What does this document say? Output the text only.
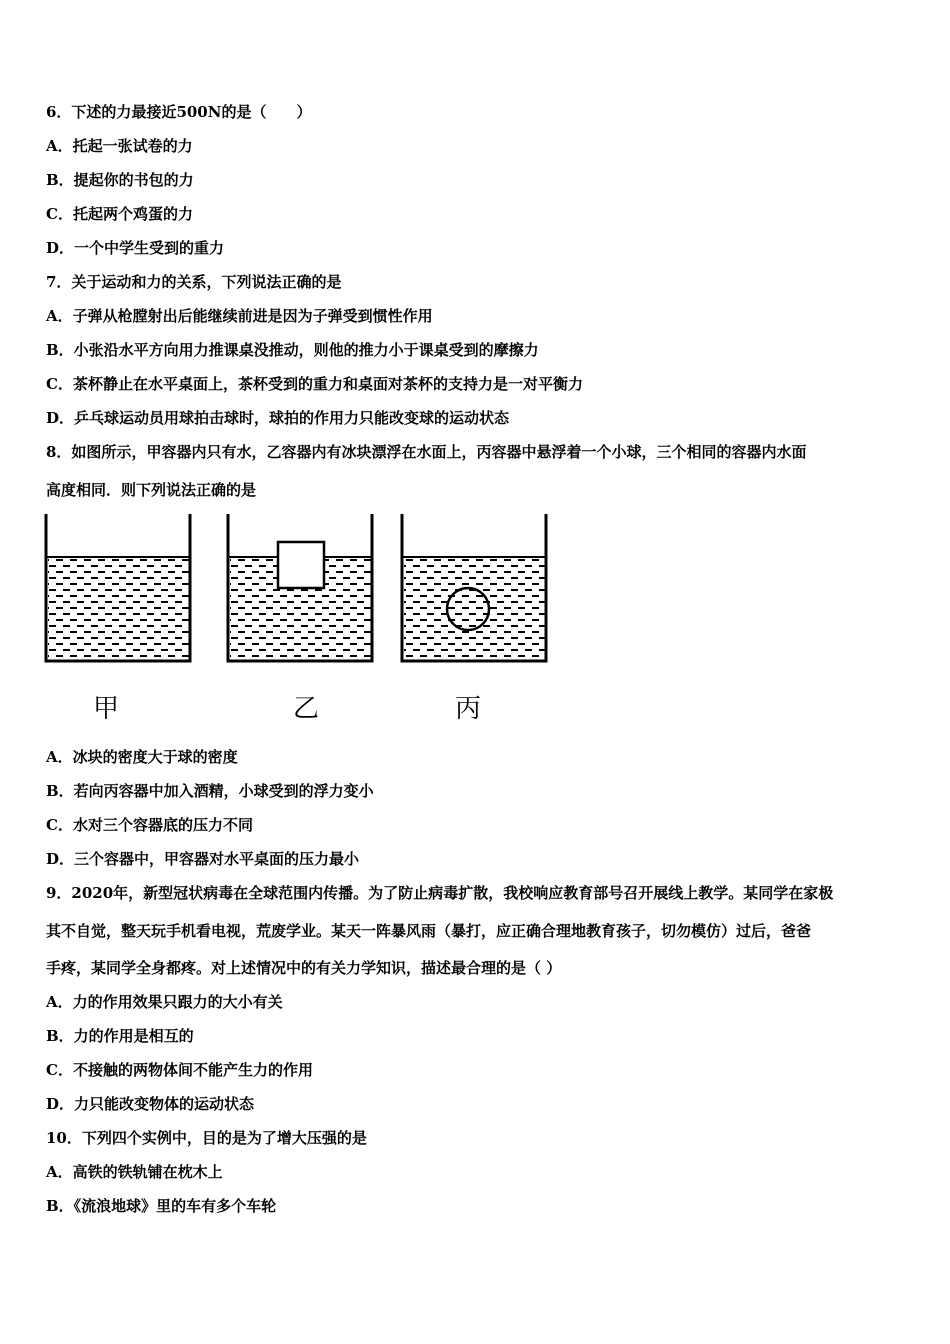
6．下述的力最接近500N的是（　　）
A．托起一张试卷的力
B．提起你的书包的力
C．托起两个鸡蛋的力
D．一个中学生受到的重力
7．关于运动和力的关系，下列说法正确的是
A．子弹从枪膛射出后能继续前进是因为子弹受到惯性作用
B．小张沿水平方向用力推课桌没推动，则他的推力小于课桌受到的摩擦力
C．茶杯静止在水平桌面上，茶杯受到的重力和桌面对茶杯的支持力是一对平衡力
D．乒乓球运动员用球拍击球时，球拍的作用力只能改变球的运动状态
8．如图所示，甲容器内只有水，乙容器内有冰块漂浮在水面上，丙容器中悬浮着一个小球，三个相同的容器内水面
高度相同．则下列说法正确的是
甲	乙	丙
A．冰块的密度大于球的密度
B．若向丙容器中加入酒精，小球受到的浮力变小
C．水对三个容器底的压力不同
D．三个容器中，甲容器对水平桌面的压力最小
9．2020年，新型冠状病毒在全球范围内传播。为了防止病毒扩散，我校响应教育部号召开展线上教学。某同学在家极
其不自觉，整天玩手机看电视，荒废学业。某天一阵暴风雨（暴打，应正确合理地教育孩子，切勿模仿）过后，爸爸
手疼，某同学全身都疼。对上述情况中的有关力学知识，描述最合理的是（ ）
A．力的作用效果只跟力的大小有关
B．力的作用是相互的
C．不接触的两物体间不能产生力的作用
D．力只能改变物体的运动状态
10．下列四个实例中，目的是为了增大压强的是
A．高铁的铁轨铺在枕木上
B．《流浪地球》里的车有多个车轮
